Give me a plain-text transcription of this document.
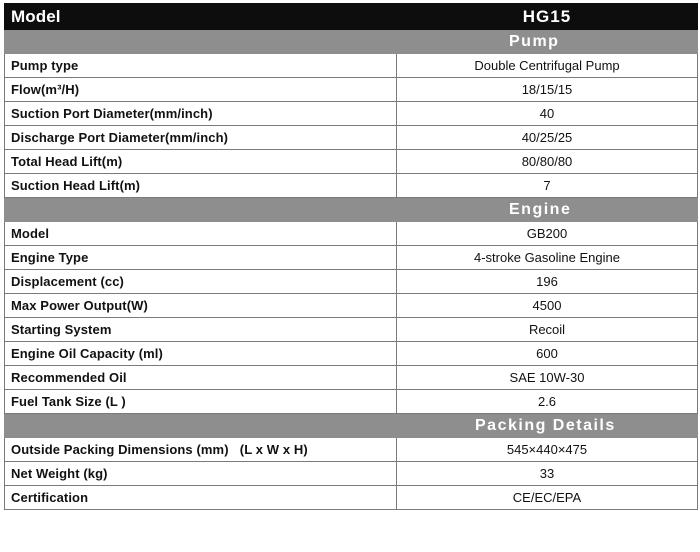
Model	HG15
	Pump
Pump type	Double Centrifugal Pump
Flow(m³/H)	18/15/15
Suction Port Diameter(mm/inch)	40
Discharge Port Diameter(mm/inch)	40/25/25
Total Head Lift(m)	80/80/80
Suction Head Lift(m)	7
	Engine
Model	GB200
Engine Type	4-stroke Gasoline Engine
Displacement (cc)	196
Max Power Output(W)	4500
Starting System	Recoil
Engine Oil Capacity (ml)	600
Recommended Oil	SAE 10W-30
Fuel Tank Size (L )	2.6
	Packing Details
Outside Packing Dimensions (mm)   (L x W x H)	545×440×475
Net Weight (kg)	33
Certification	CE/EC/EPA
